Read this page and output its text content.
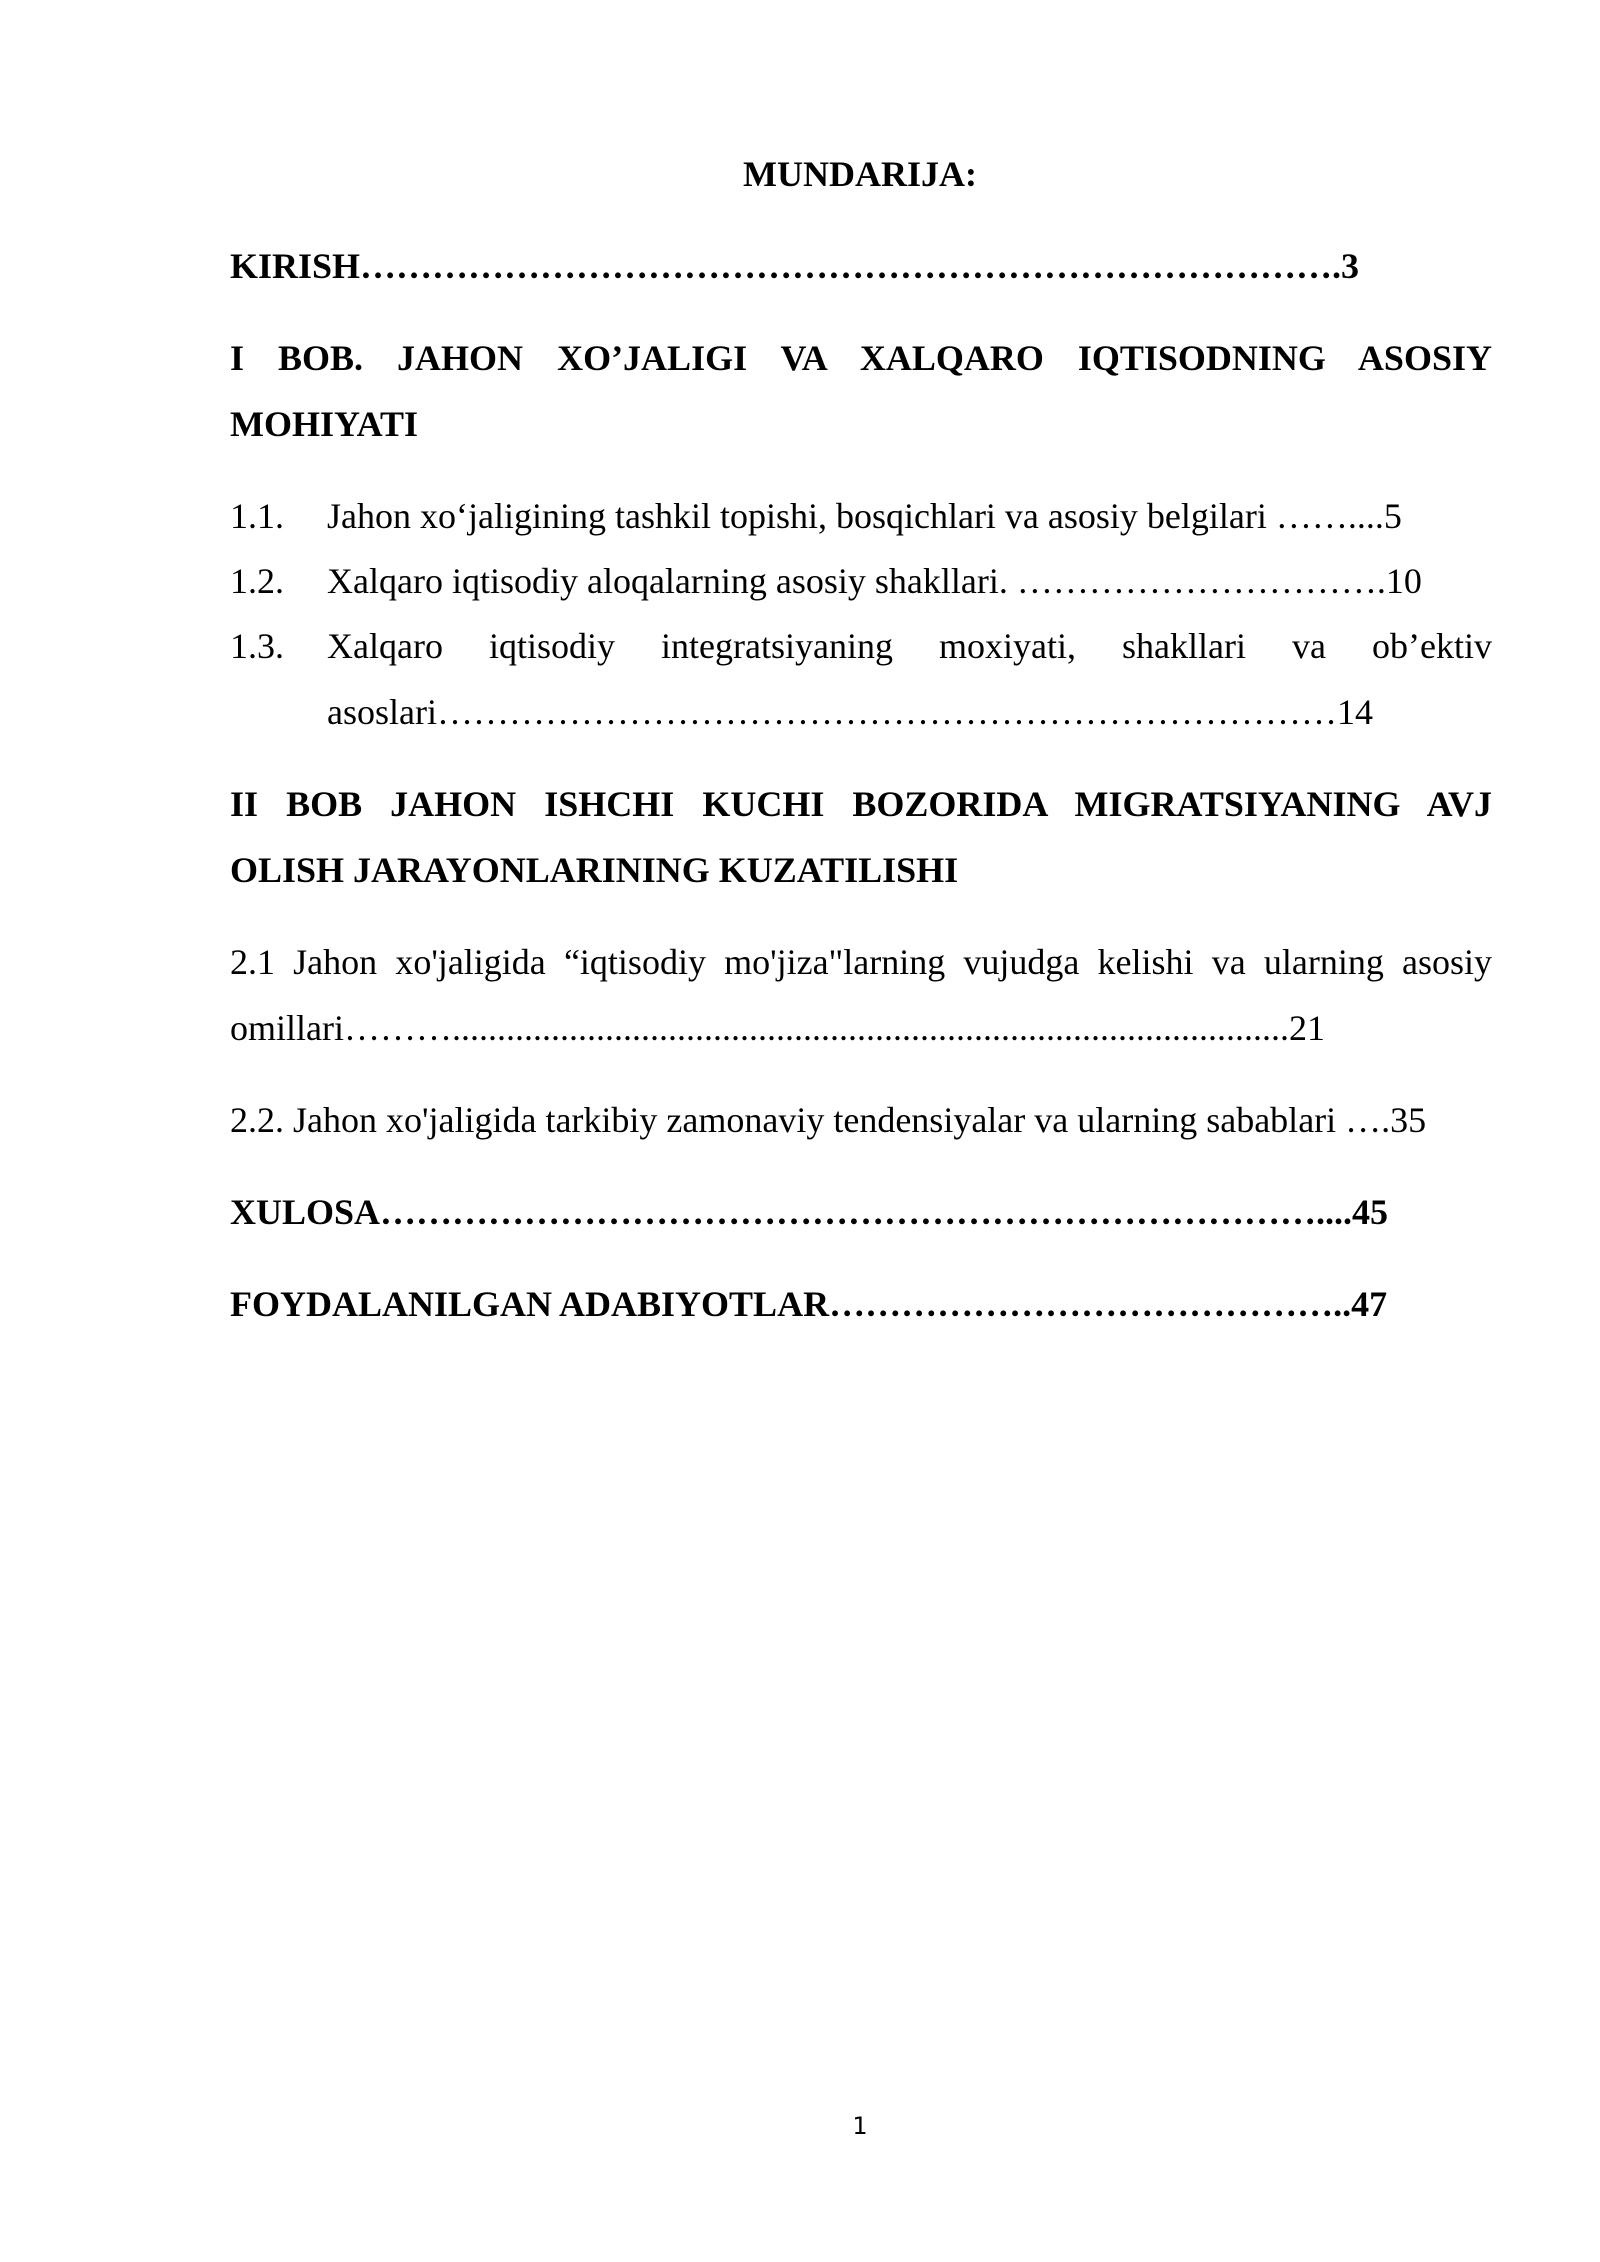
MUNDARIJA:
KIRISH……………………………………………………………………….3
I BOB. JAHON XO’JALIGI VA XALQARO IQTISODNING ASOSIY
MOHIYATI
1.1. Jahon xo‘jaligining tashkil topishi, bosqichlari va asosiy belgilari ……....5
1.2. Xalqaro iqtisodiy aloqalarning asosiy shakllari. ………………………….10
1.3. Xalqaro iqtisodiy integratsiyaning moxiyati, shakllari va ob’ektiv
asoslari…………………………………………………………………14
II BOB JAHON ISHCHI KUCHI BOZORIDA MIGRATSIYANING AVJ
OLISH JARAYONLARINING KUZATILISHI
2.1 Jahon xo'jaligida “iqtisodiy mo'jiza"larning vujudga kelishi va ularning asosiy
omillari……….............................................................................................21
2.2. Jahon xo'jaligida tarkibiy zamonaviy tendensiyalar va ularning sabablari ….35
XULOSA……………………………………………………………………....45
FOYDALANILGAN ADABIYOTLAR……………………………………..47
1
